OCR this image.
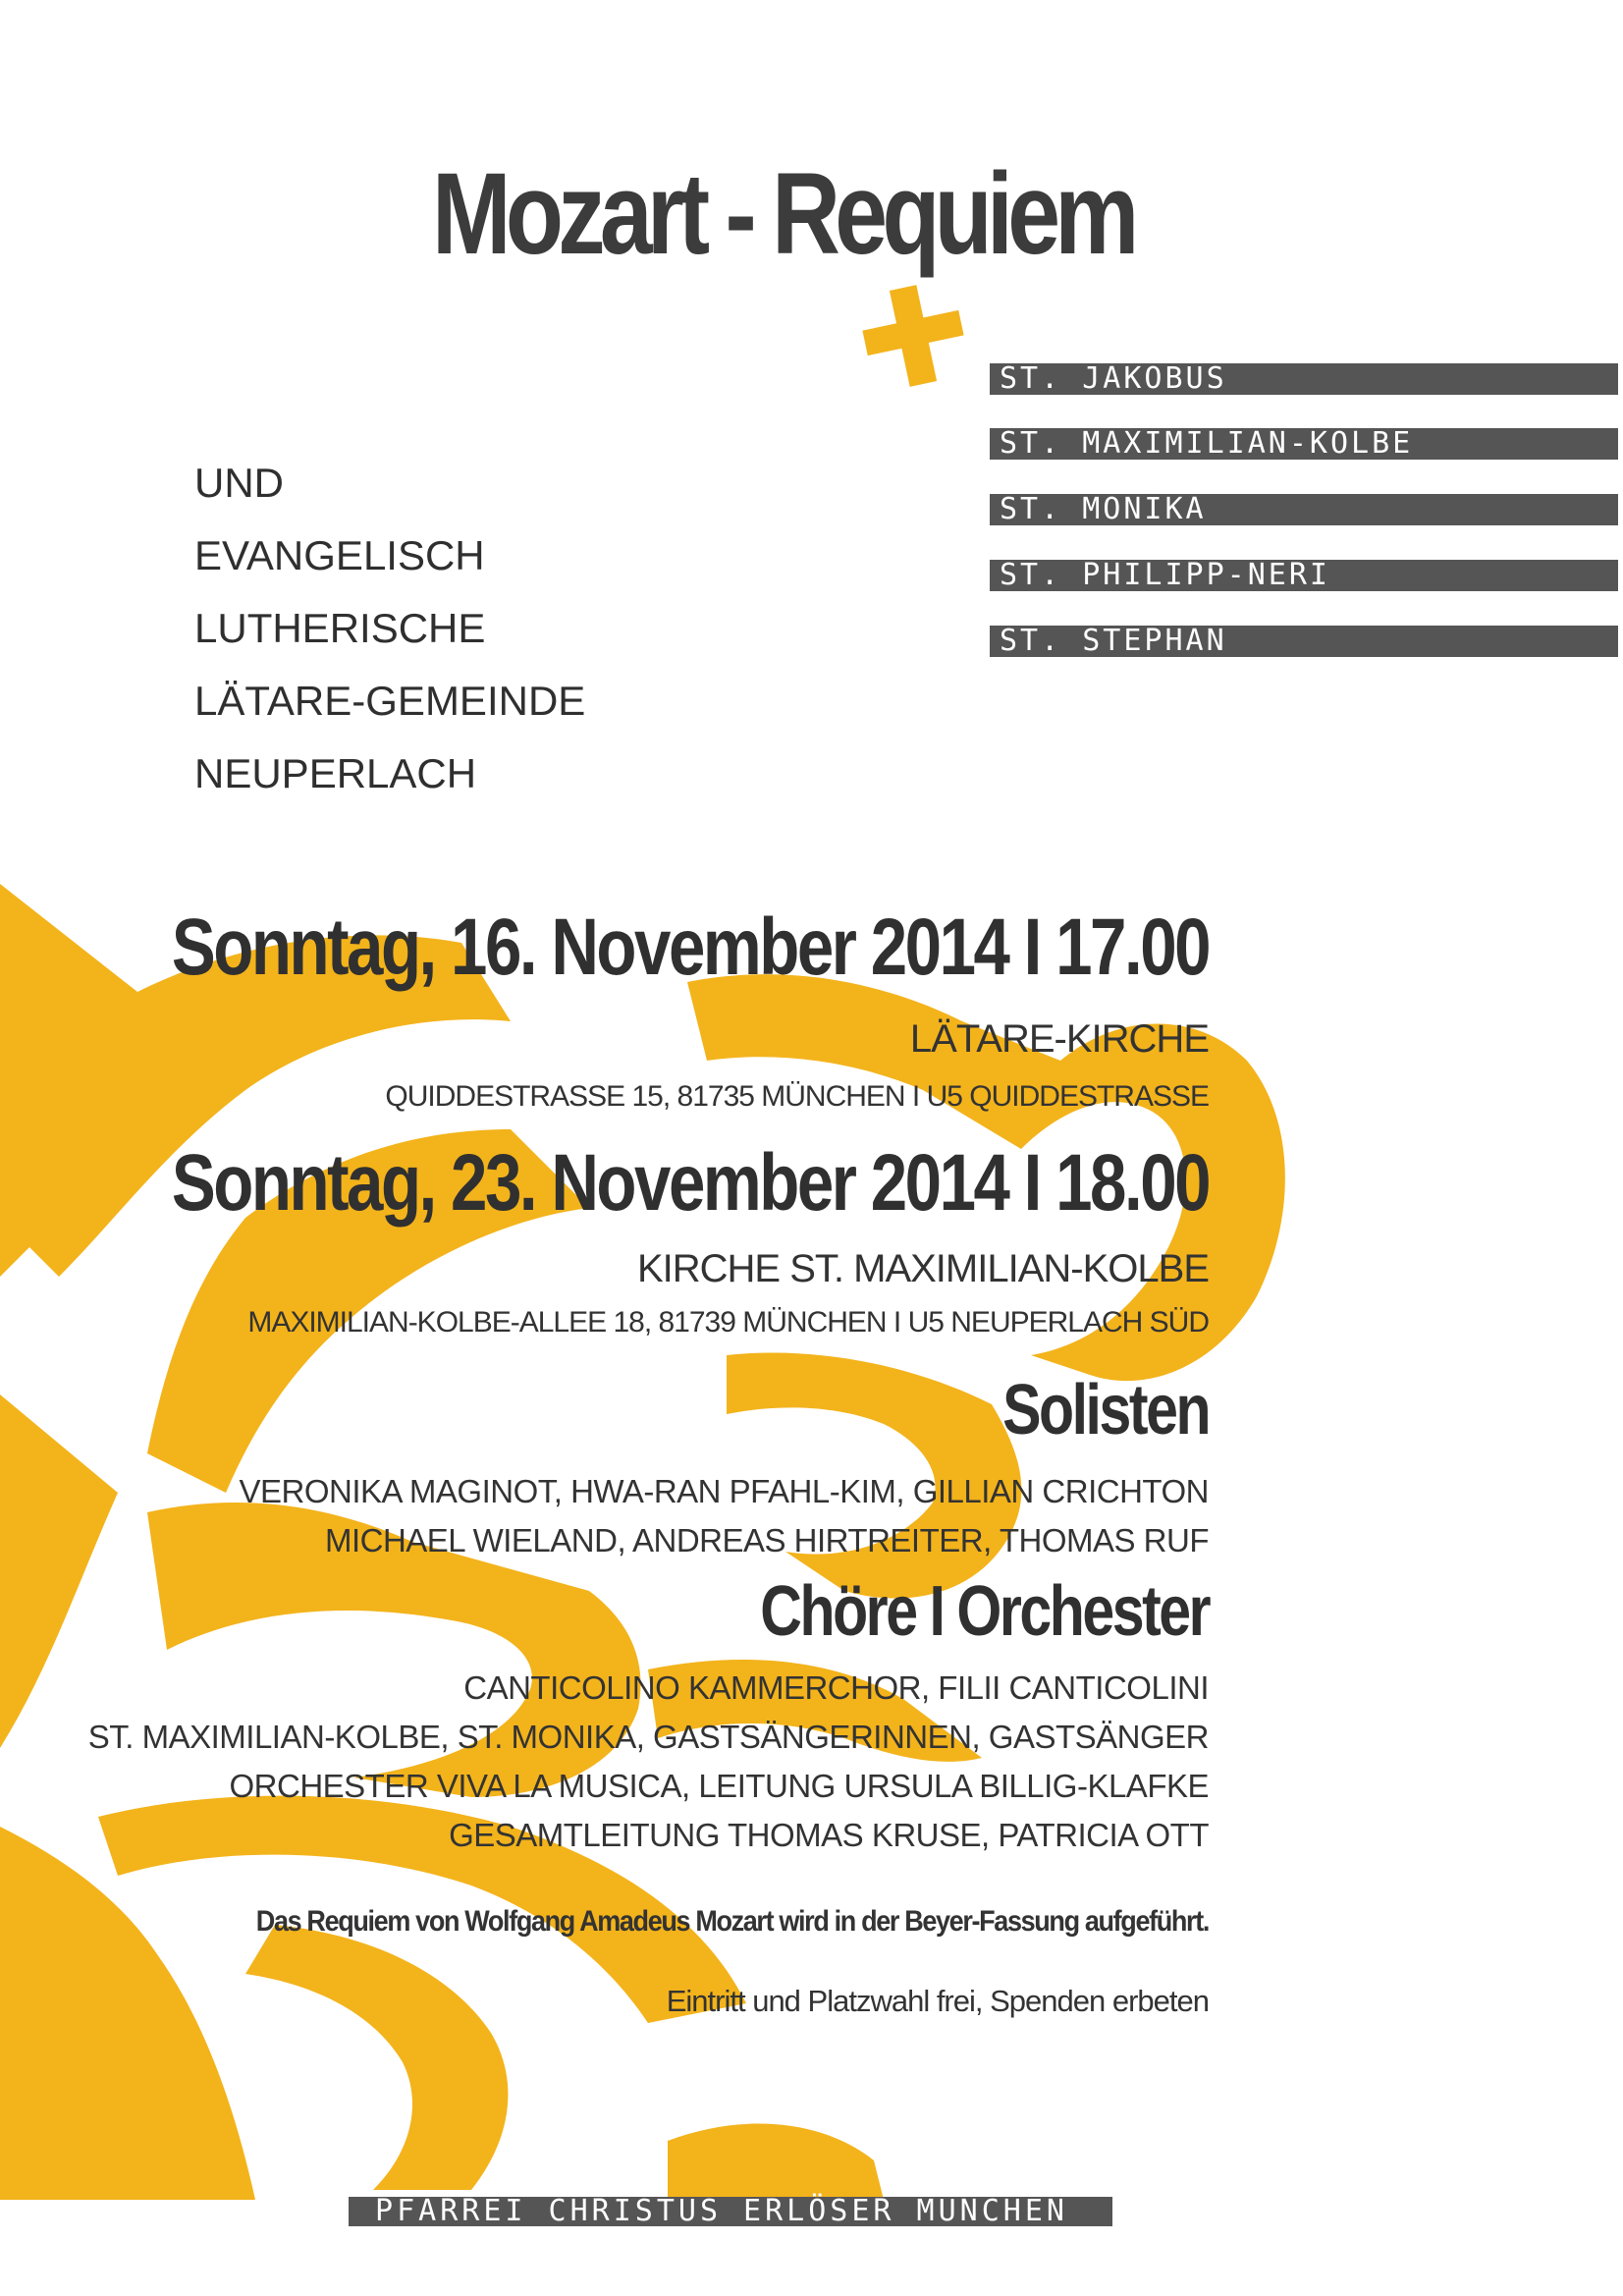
Mozart - Requiem
ST. JAKOBUS
ST. MAXIMILIAN-KOLBE
ST. MONIKA
ST. PHILIPP-NERI
ST. STEPHAN
UND
EVANGELISCH
LUTHERISCHE
LÄTARE-GEMEINDE
NEUPERLACH
Sonntag, 16. November 2014 I 17.00
LÄTARE-KIRCHE
QUIDDESTRASSE 15, 81735 MÜNCHEN I U5 QUIDDESTRASSE
Sonntag, 23. November 2014 I 18.00
KIRCHE ST. MAXIMILIAN-KOLBE
MAXIMILIAN-KOLBE-ALLEE 18, 81739 MÜNCHEN I U5 NEUPERLACH SÜD
Solisten
VERONIKA MAGINOT, HWA-RAN PFAHL-KIM, GILLIAN CRICHTON
MICHAEL WIELAND, ANDREAS HIRTREITER, THOMAS RUF
Chöre I Orchester
CANTICOLINO KAMMERCHOR, FILII CANTICOLINI
ST. MAXIMILIAN-KOLBE, ST. MONIKA, GASTSÄNGERINNEN, GASTSÄNGER
ORCHESTER VIVA LA MUSICA, LEITUNG URSULA BILLIG-KLAFKE
GESAMTLEITUNG THOMAS KRUSE, PATRICIA OTT
Das Requiem von Wolfgang Amadeus Mozart wird in der Beyer-Fassung aufgeführt.
Eintritt und Platzwahl frei, Spenden erbeten
PFARREI CHRISTUS ERLÖSER MÜNCHEN
